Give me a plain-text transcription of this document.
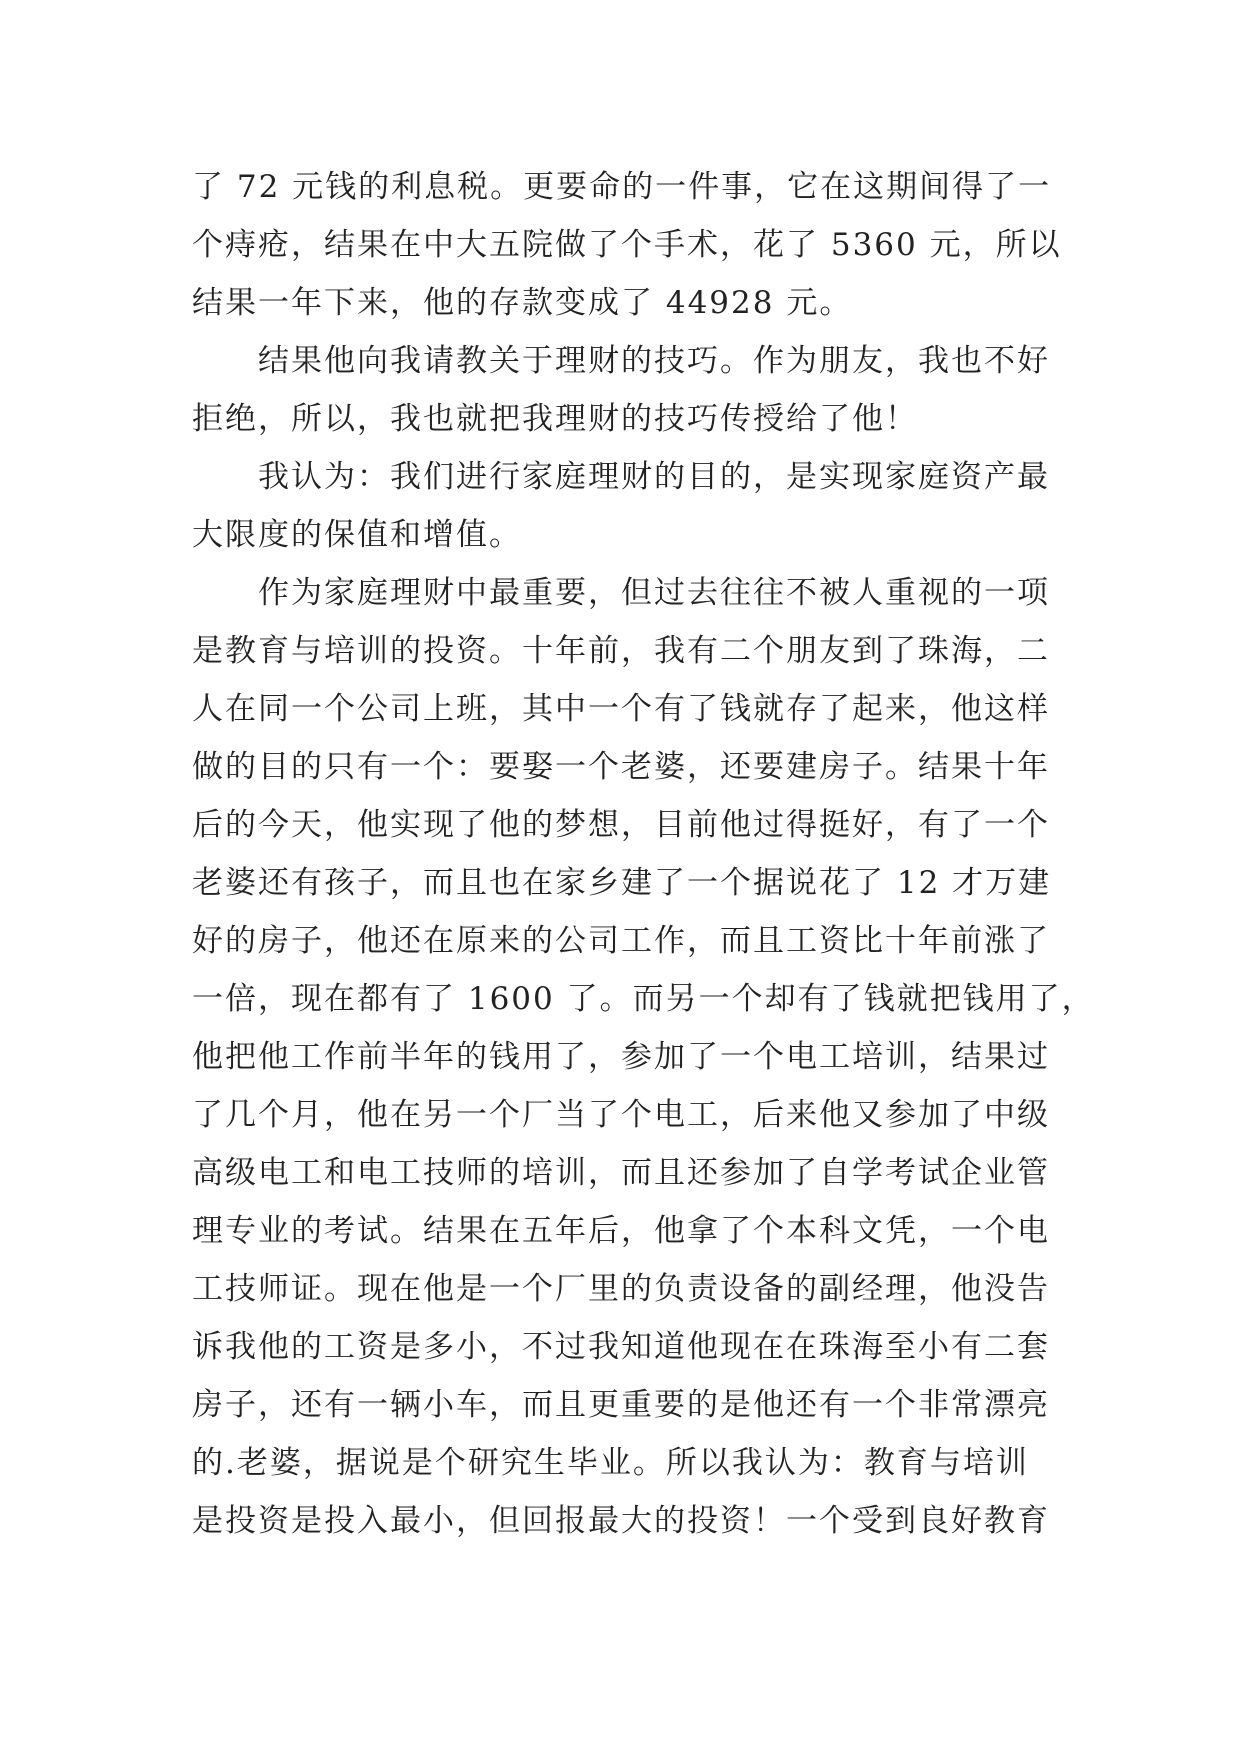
了 72 元钱的利息税。更要命的一件事，它在这期间得了一
个痔疮，结果在中大五院做了个手术，花了 5360 元，所以
结果一年下来，他的存款变成了 44928 元。
结果他向我请教关于理财的技巧。作为朋友，我也不好
拒绝，所以，我也就把我理财的技巧传授给了他！
我认为：我们进行家庭理财的目的，是实现家庭资产最
大限度的保值和增值。
作为家庭理财中最重要，但过去往往不被人重视的一项
是教育与培训的投资。十年前，我有二个朋友到了珠海，二
人在同一个公司上班，其中一个有了钱就存了起来，他这样
做的目的只有一个：要娶一个老婆，还要建房子。结果十年
后的今天，他实现了他的梦想，目前他过得挺好，有了一个
老婆还有孩子，而且也在家乡建了一个据说花了 12 才万建
好的房子，他还在原来的公司工作，而且工资比十年前涨了
一倍，现在都有了 1600 了。而另一个却有了钱就把钱用了，
他把他工作前半年的钱用了，参加了一个电工培训，结果过
了几个月，他在另一个厂当了个电工，后来他又参加了中级
高级电工和电工技师的培训，而且还参加了自学考试企业管
理专业的考试。结果在五年后，他拿了个本科文凭，一个电
工技师证。现在他是一个厂里的负责设备的副经理，他没告
诉我他的工资是多小，不过我知道他现在在珠海至小有二套
房子，还有一辆小车，而且更重要的是他还有一个非常漂亮
的.老婆，据说是个研究生毕业。所以我认为：教育与培训
是投资是投入最小，但回报最大的投资！一个受到良好教育
